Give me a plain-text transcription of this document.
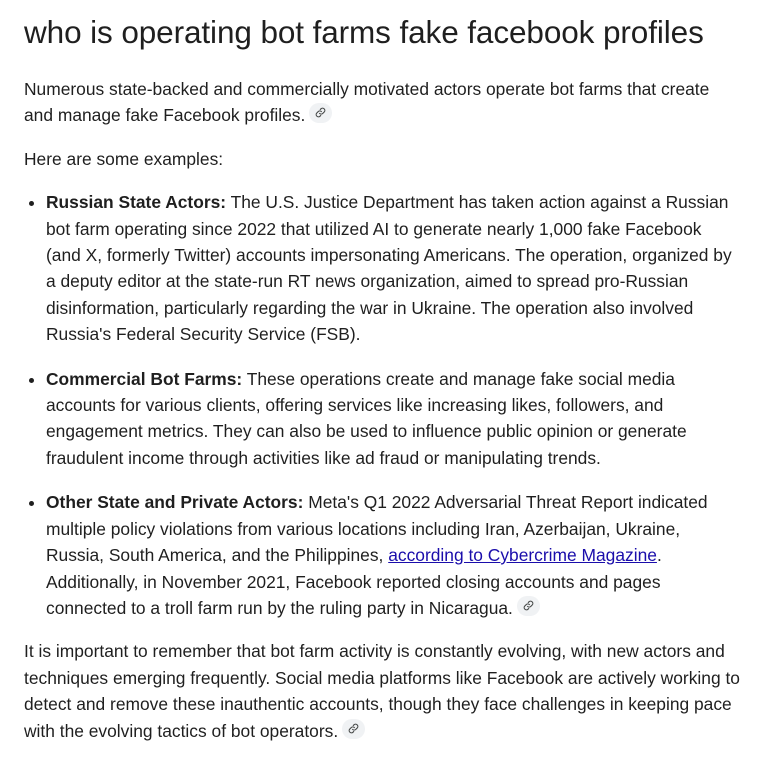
who is operating bot farms fake facebook profiles

Numerous state-backed and commercially motivated actors operate bot farms that create and manage fake Facebook profiles.

Here are some examples:

• Russian State Actors: The U.S. Justice Department has taken action against a Russian bot farm operating since 2022 that utilized AI to generate nearly 1,000 fake Facebook (and X, formerly Twitter) accounts impersonating Americans. The operation, organized by a deputy editor at the state-run RT news organization, aimed to spread pro-Russian disinformation, particularly regarding the war in Ukraine. The operation also involved Russia's Federal Security Service (FSB).
• Commercial Bot Farms: These operations create and manage fake social media accounts for various clients, offering services like increasing likes, followers, and engagement metrics. They can also be used to influence public opinion or generate fraudulent income through activities like ad fraud or manipulating trends.
• Other State and Private Actors: Meta's Q1 2022 Adversarial Threat Report indicated multiple policy violations from various locations including Iran, Azerbaijan, Ukraine, Russia, South America, and the Philippines, according to Cybercrime Magazine. Additionally, in November 2021, Facebook reported closing accounts and pages connected to a troll farm run by the ruling party in Nicaragua.

It is important to remember that bot farm activity is constantly evolving, with new actors and techniques emerging frequently. Social media platforms like Facebook are actively working to detect and remove these inauthentic accounts, though they face challenges in keeping pace with the evolving tactics of bot operators.
